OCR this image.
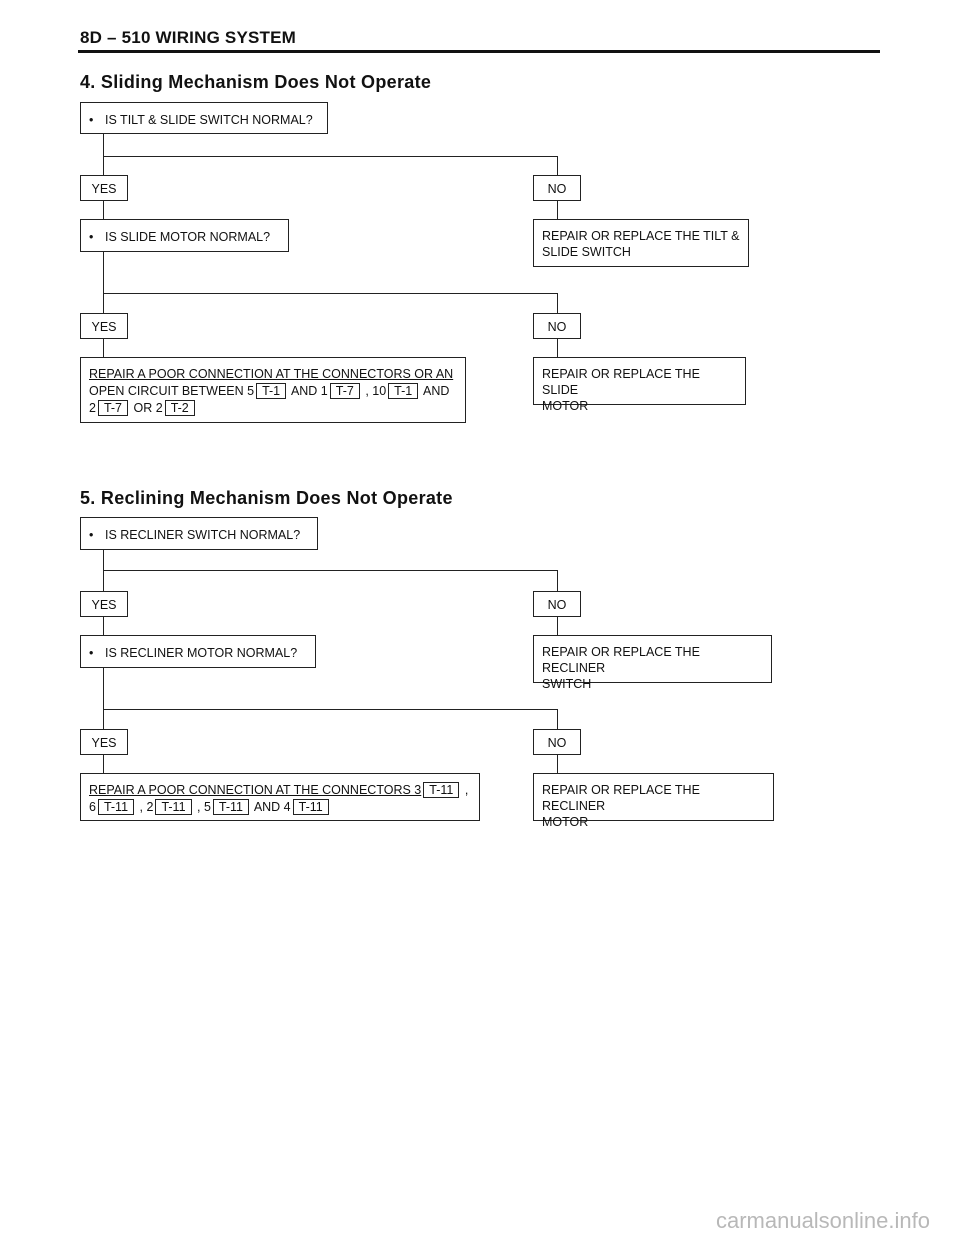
8D – 510 WIRING SYSTEM
4. Sliding Mechanism Does Not Operate
• IS TILT & SLIDE SWITCH NORMAL?
YES	NO
• IS SLIDE MOTOR NORMAL?	REPAIR OR REPLACE THE TILT &
SLIDE SWITCH
YES	NO
REPAIR A POOR CONNECTION AT THE CONNECTORS OR AN
OPEN CIRCUIT BETWEEN 5 T-1 AND 1 T-7 , 10 T-1 AND
2 T-7 OR 2 T-2
REPAIR OR REPLACE THE SLIDE
MOTOR
5. Reclining Mechanism Does Not Operate
• IS RECLINER SWITCH NORMAL?
YES	NO
• IS RECLINER MOTOR NORMAL?	REPAIR OR REPLACE THE RECLINER
SWITCH
YES	NO
REPAIR A POOR CONNECTION AT THE CONNECTORS 3 T-11 ,
6 T-11 , 2 T-11 , 5 T-11 AND 4 T-11
REPAIR OR REPLACE THE RECLINER
MOTOR
carmanualsonline.info
